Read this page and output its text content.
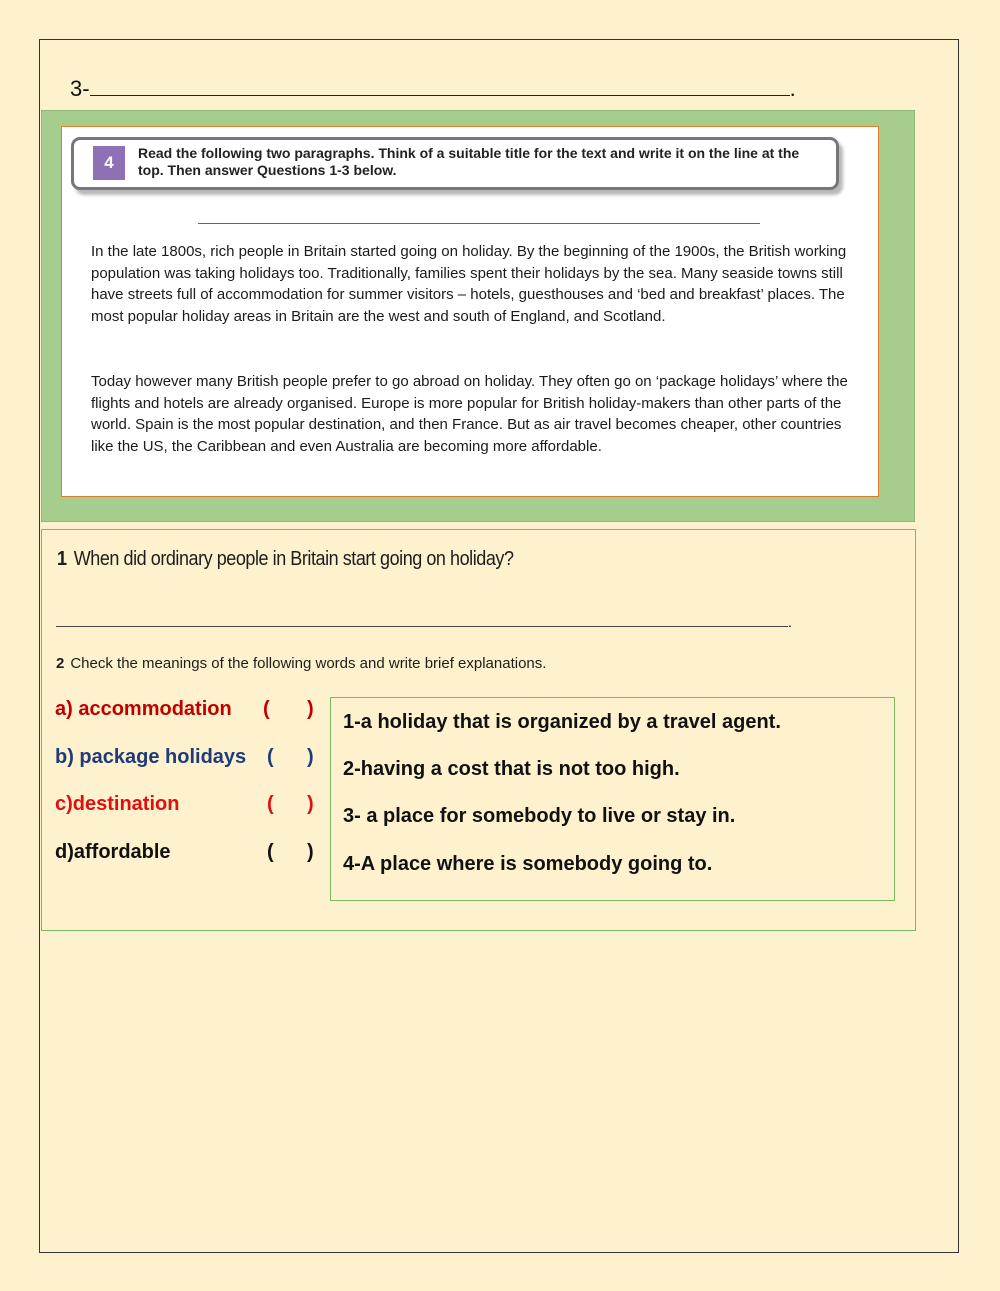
3-	.
4	Read the following two paragraphs. Think of a suitable title for the text and write it on the line at the top. Then answer Questions 1-3 below.
In the late 1800s, rich people in Britain started going on holiday. By the beginning of the 1900s, the British working population was taking holidays too. Traditionally, families spent their holidays by the sea. Many seaside towns still have streets full of accommodation for summer visitors – hotels, guesthouses and ‘bed and breakfast’ places. The most popular holiday areas in Britain are the west and south of England, and Scotland.
Today however many British people prefer to go abroad on holiday. They often go on ‘package holidays’ where the flights and hotels are already organised. Europe is more popular for British holiday-makers than other parts of the world. Spain is the most popular destination, and then France. But as air travel becomes cheaper, other countries like the US, the Caribbean and even Australia are becoming more affordable.
1 When did ordinary people in Britain start going on holiday?
.
2 Check the meanings of the following words and write brief explanations.
a) accommodation ( )
b) package holidays ( )
c)destination	( )
d)affordable	( )
1-a holiday that is organized by a travel agent.
2-having a cost that is not too high.
3- a place for somebody to live or stay in.
4-A place where is somebody going to.
